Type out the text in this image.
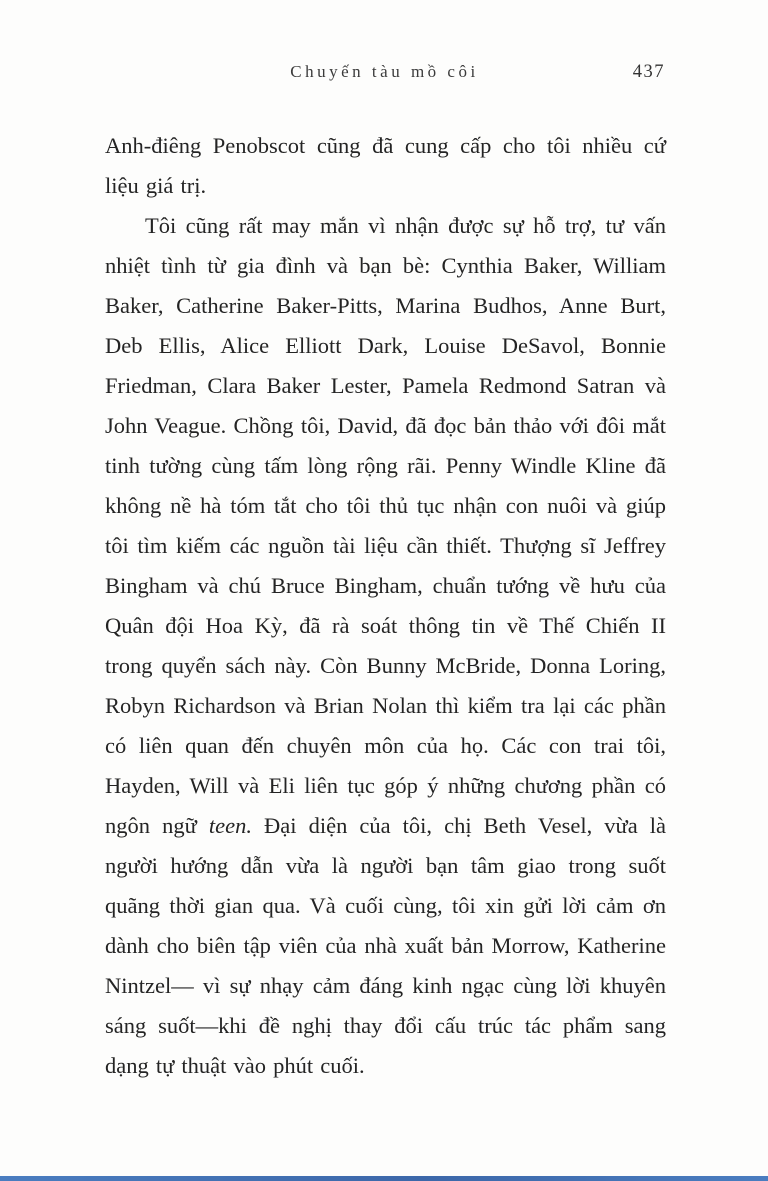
Chuyến tàu mồ côi	437

Anh-điêng Penobscot cũng đã cung cấp cho tôi nhiều cứ liệu giá trị.

Tôi cũng rất may mắn vì nhận được sự hỗ trợ, tư vấn nhiệt tình từ gia đình và bạn bè: Cynthia Baker, William Baker, Catherine Baker-Pitts, Marina Budhos, Anne Burt, Deb Ellis, Alice Elliott Dark, Louise DeSavol, Bonnie Friedman, Clara Baker Lester, Pamela Redmond Satran và John Veague. Chồng tôi, David, đã đọc bản thảo với đôi mắt tinh tường cùng tấm lòng rộng rãi. Penny Windle Kline đã không nề hà tóm tắt cho tôi thủ tục nhận con nuôi và giúp tôi tìm kiếm các nguồn tài liệu cần thiết. Thượng sĩ Jeffrey Bingham và chú Bruce Bingham, chuẩn tướng về hưu của Quân đội Hoa Kỳ, đã rà soát thông tin về Thế Chiến II trong quyển sách này. Còn Bunny McBride, Donna Loring, Robyn Richardson và Brian Nolan thì kiểm tra lại các phần có liên quan đến chuyên môn của họ. Các con trai tôi, Hayden, Will và Eli liên tục góp ý những chương phần có ngôn ngữ teen. Đại diện của tôi, chị Beth Vesel, vừa là người hướng dẫn vừa là người bạn tâm giao trong suốt quãng thời gian qua. Và cuối cùng, tôi xin gửi lời cảm ơn dành cho biên tập viên của nhà xuất bản Morrow, Katherine Nintzel— vì sự nhạy cảm đáng kinh ngạc cùng lời khuyên sáng suốt—khi đề nghị thay đổi cấu trúc tác phẩm sang dạng tự thuật vào phút cuối.
